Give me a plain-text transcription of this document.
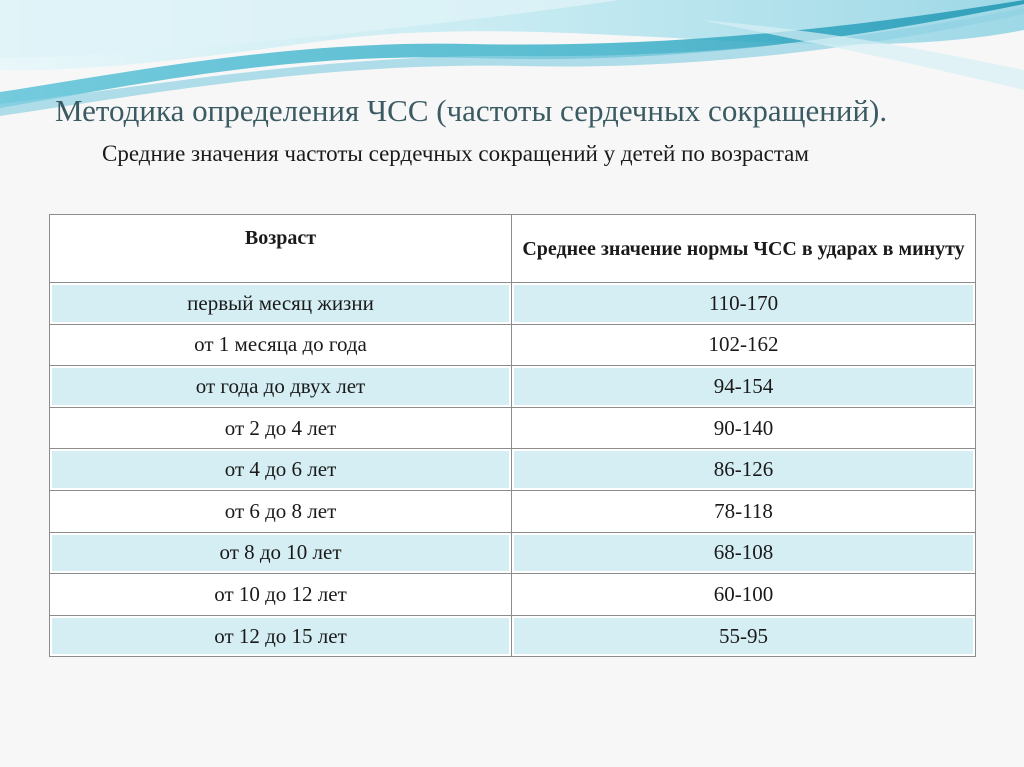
Методика определения ЧСС (частоты сердечных сокращений).
Средние значения частоты сердечных сокращений у детей по возрастам
Возраст	Среднее значение нормы ЧСС в ударах в минуту
первый месяц жизни	110-170
от 1 месяца до года	102-162
от года до двух лет	94-154
от 2 до 4 лет	90-140
от 4 до 6 лет	86-126
от 6 до 8 лет	78-118
от 8 до 10 лет	68-108
от 10 до 12 лет	60-100
от 12 до 15 лет	55-95
